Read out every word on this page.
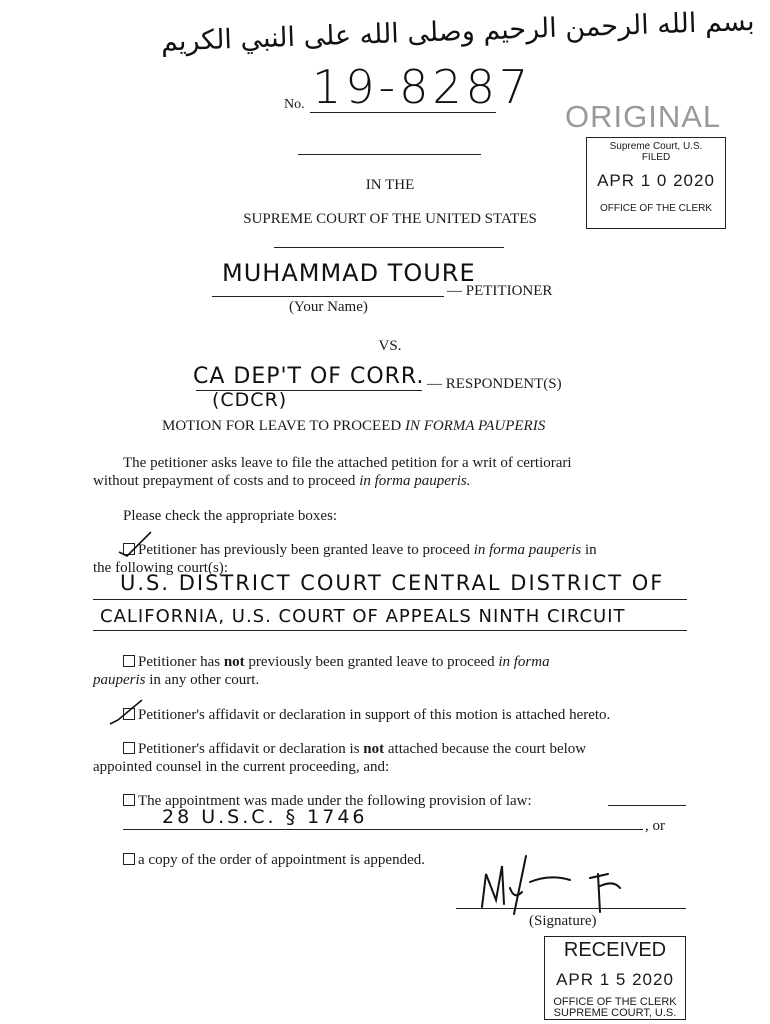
بسم الله الرحمن الرحيم وصلى الله على النبي الكريم
No. 19-8287
ORIGINAL
Supreme Court, U.S.
FILED
APR 1 0 2020
OFFICE OF THE CLERK
IN THE
SUPREME COURT OF THE UNITED STATES
MUHAMMAD TOURE
— PETITIONER
(Your Name)
VS.
CA DEP'T OF CORR.
(CDCR)
— RESPONDENT(S)
MOTION FOR LEAVE TO PROCEED IN FORMA PAUPERIS
The petitioner asks leave to file the attached petition for a writ of certiorari
without prepayment of costs and to proceed in forma pauperis.
Please check the appropriate boxes:
Petitioner has previously been granted leave to proceed in forma pauperis in
the following court(s):
U.S. DISTRICT COURT CENTRAL DISTRICT OF
CALIFORNIA, U.S. COURT OF APPEALS NINTH CIRCUIT
Petitioner has not previously been granted leave to proceed in forma
pauperis in any other court.
Petitioner's affidavit or declaration in support of this motion is attached hereto.
Petitioner's affidavit or declaration is not attached because the court below
appointed counsel in the current proceeding, and:
The appointment was made under the following provision of law:
28 U.S.C. § 1746	, or
a copy of the order of appointment is appended.
(Signature)
RECEIVED
APR 1 5 2020
OFFICE OF THE CLERK
SUPREME COURT, U.S.
